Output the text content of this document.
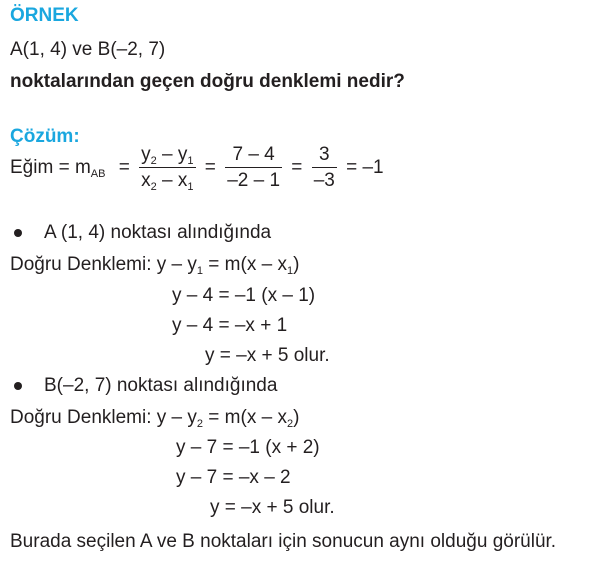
ÖRNEK
A(1, 4) ve B(–2, 7)
noktalarından geçen doğru denklemi nedir?
Çözüm:
Eğim = $m_{AB} = \frac{y_2 - y_1}{x_2 - x_1} = \frac{7 - 4}{-2 - 1} = \frac{3}{-3} = -1$
A (1, 4) noktası alındığında
Doğru Denklemi: $y - y_1 = m(x - x_1)$
y – 4 = –1 (x – 1)
y – 4 = –x + 1
y = –x + 5 olur.
B(–2, 7) noktası alındığında
Doğru Denklemi: $y - y_2 = m(x - x_2)$
y – 7 = –1 (x + 2)
y – 7 = –x – 2
y = –x + 5 olur.
Burada seçilen A ve B noktaları için sonucun aynı olduğu görülür.
